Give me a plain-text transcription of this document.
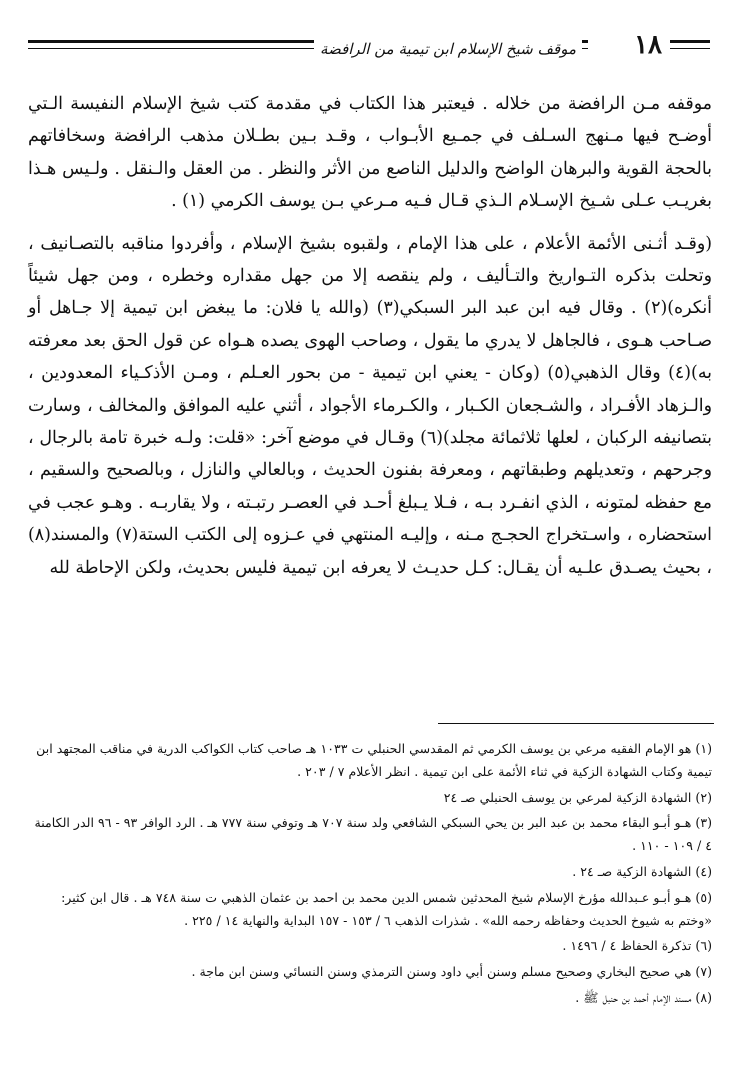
موقف شيخ الإسلام ابن تيمية من الرافضة ١٨

موقفه مـن الرافضة من خلاله . فيعتبر هذا الكتاب في مقدمة كتب شيخ الإسلام النفيسة الـتي أوضـح فيها مـنهج السـلف في جمـيع الأبـواب ، وقـد بـين بطـلان مذهب الرافضة وسخافاتهم بالحجة القوية والبرهان الواضح والدليل الناصع من الأثر والنظر . من العقل والـنقل . ولـيس هـذا بغريـب عـلى شـيخ الإسـلام الـذي قـال فـيه مـرعي بـن يوسف الكرمي (١) .

(وقـد أثـنى الأئمة الأعلام ، على هذا الإمام ، ولقبوه بشيخ الإسلام ، وأفردوا مناقبه بالتصـانيف ، وتحلت بذكره التـواريخ والتـأليف ، ولم ينقصه إلا من جهل مقداره وخطره ، ومن جهل شيئاً أنكره)(٢) . وقال فيه ابن عبد البر السبكي(٣) (والله يا فلان: ما يبغض ابن تيمية إلا جـاهل أو صـاحب هـوى ، فالجاهل لا يدري ما يقول ، وصاحب الهوى يصده هـواه عن قول الحق بعد معرفته به)(٤) وقال الذهبي(٥) (وكان - يعني ابن تيمية - من بحور العـلم ، ومـن الأذكـياء المعدودين ، والـزهاد الأفـراد ، والشـجعان الكـبار ، والكـرماء الأجواد ، أثني عليه الموافق والمخالف ، وسارت بتصانيفه الركبان ، لعلها ثلاثمائة مجلد)(٦) وقـال في موضع آخر: «قلت: ولـه خبرة تامة بالرجال ، وجرحهم ، وتعديلهم وطبقاتهم ، ومعرفة بفنون الحديث ، وبالعالي والنازل ، وبالصحيح والسقيم ، مع حفظه لمتونه ، الذي انفـرد بـه ، فـلا يـبلغ أحـد في العصـر رتبـته ، ولا يقاربـه . وهـو عجب في استحضاره ، واسـتخراج الحجـج مـنه ، وإليـه المنتهي في عـزوه إلى الكتب الستة(٧) والمسند(٨) ، بحيث يصـدق علـيه أن يقـال: كـل حديـث لا يعرفه ابن تيمية فليس بحديث، ولكن الإحاطة لله

(١) هو الإمام الفقيه مرعي بن يوسف الكرمي ثم المقدسي الحنبلي ت ١٠٣٣ هـ صاحب كتاب الكواكب الدرية في مناقب المجتهد ابن تيمية وكتاب الشهادة الزكية في ثناء الأئمة على ابن تيمية . انظر الأعلام ٧ / ٢٠٣ .
(٢) الشهادة الزكية لمرعي بن يوسف الحنبلي صـ ٢٤
(٣) هـو أبـو البقاء محمد بن عبد البر بن يحي السبكي الشافعي ولد سنة ٧٠٧ هـ وتوفي سنة ٧٧٧ هـ . الرد الوافر ٩٣ - ٩٦ الدر الكامنة ٤ / ١٠٩ - ١١٠ .
(٤) الشهادة الزكية صـ ٢٤ .
(٥) هـو أبـو عـبدالله مؤرخ الإسلام شيخ المحدثين شمس الدين محمد بن احمد بن عثمان الذهبي ت سنة ٧٤٨ هـ . قال ابن كثير: «وختم به شيوخ الحديث وحفاظه رحمه الله» . شذرات الذهب ٦ / ١٥٣ - ١٥٧ البداية والنهاية ١٤ / ٢٢٥ .
(٦) تذكرة الحفاظ ٤ / ١٤٩٦ .
(٧) هي صحيح البخاري وصحيح مسلم وسنن أبي داود وسنن الترمذي وسنن النسائي وسنن ابن ماجة .
(٨) مسند الإمام أحمد بن حنبل ﷺ .
